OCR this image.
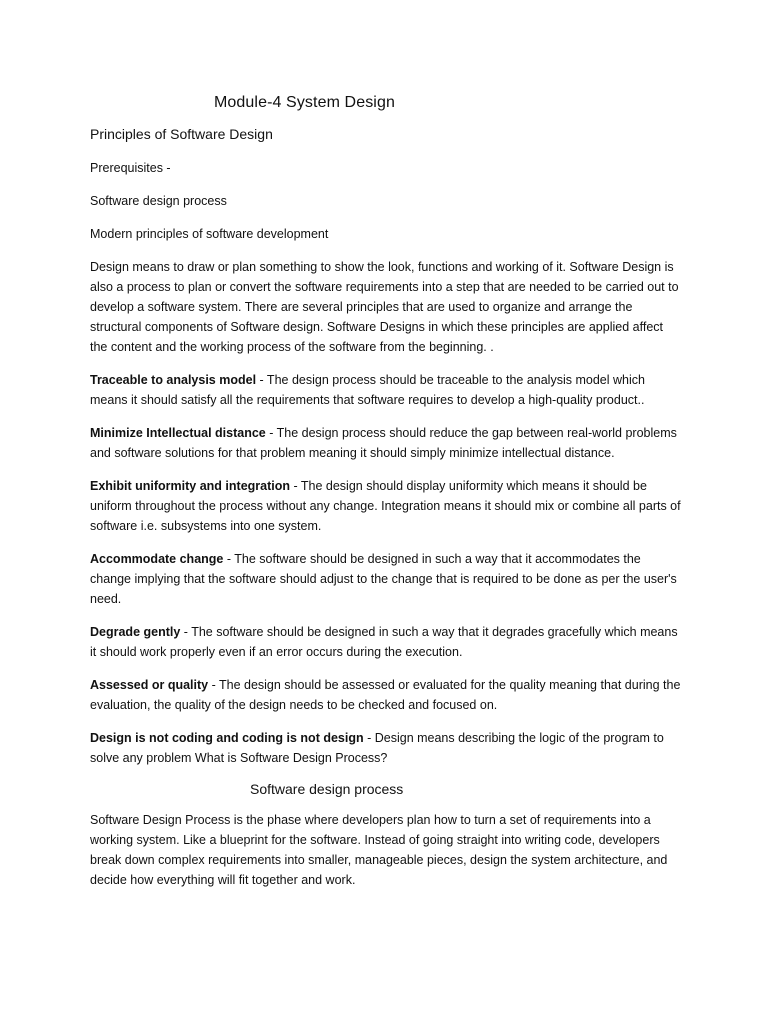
Module-4 System Design
Principles of Software Design
Prerequisites -
Software design process
Modern principles of software development
Design means to draw or plan something to show the look, functions and working of it. Software Design is also a process to plan or convert the software requirements into a step that are needed to be carried out to develop a software system. There are several principles that are used to organize and arrange the structural components of Software design. Software Designs in which these principles are applied affect the content and the working process of the software from the beginning. .
Traceable to analysis model - The design process should be traceable to the analysis model which means it should satisfy all the requirements that software requires to develop a high-quality product..
Minimize Intellectual distance - The design process should reduce the gap between real-world problems and software solutions for that problem meaning it should simply minimize intellectual distance.
Exhibit uniformity and integration - The design should display uniformity which means it should be uniform throughout the process without any change. Integration means it should mix or combine all parts of software i.e. subsystems into one system.
Accommodate change - The software should be designed in such a way that it accommodates the change implying that the software should adjust to the change that is required to be done as per the user's need.
Degrade gently - The software should be designed in such a way that it degrades gracefully which means it should work properly even if an error occurs during the execution.
Assessed or quality - The design should be assessed or evaluated for the quality meaning that during the evaluation, the quality of the design needs to be checked and focused on.
Design is not coding and coding is not design - Design means describing the logic of the program to solve any problem What is Software Design Process?
Software design process
Software Design Process is the phase where developers plan how to turn a set of requirements into a working system. Like a blueprint for the software. Instead of going straight into writing code, developers break down complex requirements into smaller, manageable pieces, design the system architecture, and decide how everything will fit together and work.
